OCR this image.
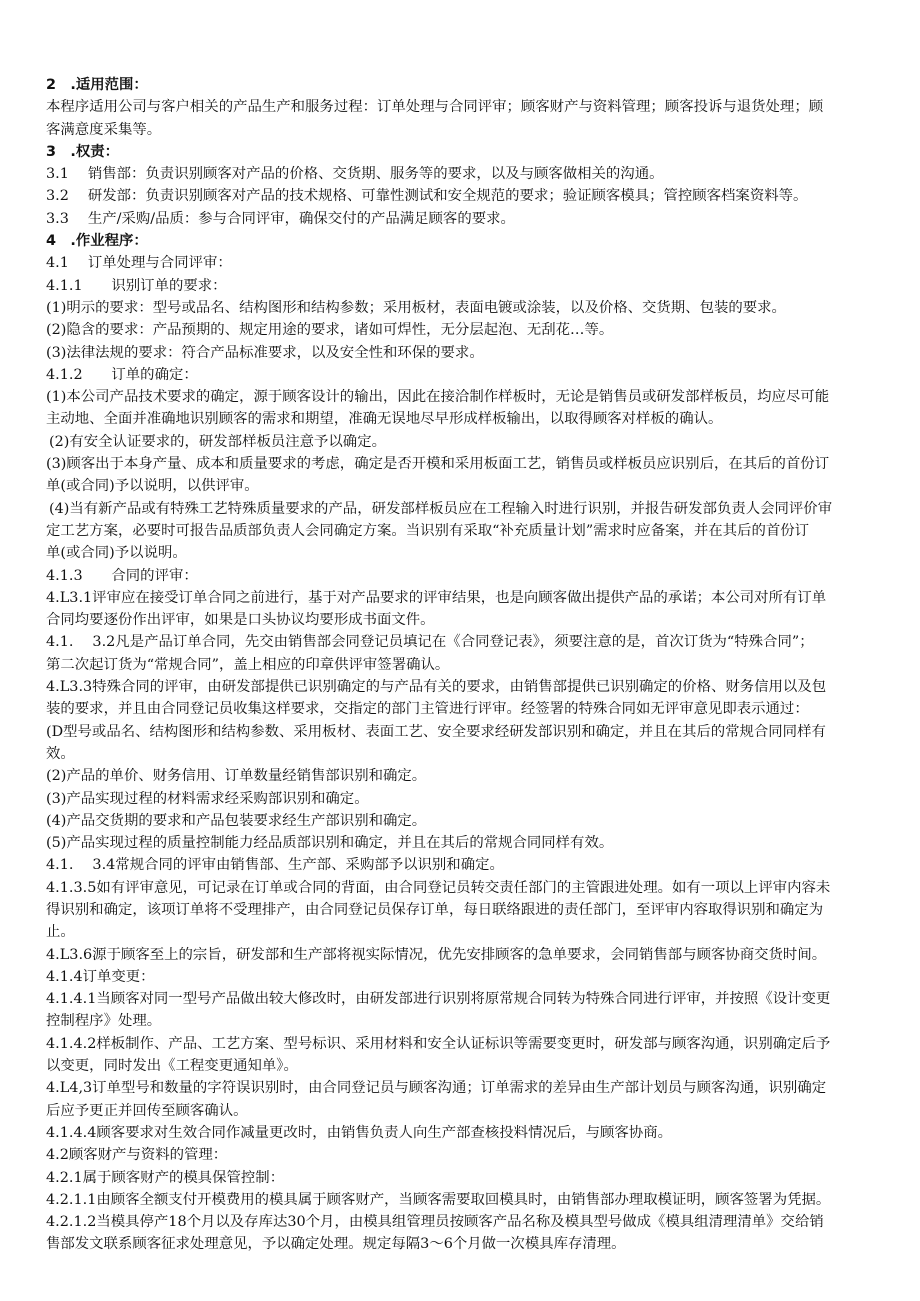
2　.适用范围：
本程序适用公司与客户相关的产品生产和服务过程：订单处理与合同评审；顾客财产与资料管理；顾客投诉与退货处理；顾
客满意度采集等。
3　.权责：
3.1　 销售部：负责识别顾客对产品的价格、交货期、服务等的要求，以及与顾客做相关的沟通。
3.2　 研发部：负责识别顾客对产品的技术规格、可靠性测试和安全规范的要求；验证顾客模具；管控顾客档案资料等。
3.3　 生产/采购/品质：参与合同评审，确保交付的产品满足顾客的要求。
4　.作业程序：
4.1　 订单处理与合同评审：
4.1.1　　识别订单的要求：
(1)明示的要求：型号或品名、结构图形和结构参数；采用板材，表面电镀或涂装，以及价格、交货期、包装的要求。
(2)隐含的要求：产品预期的、规定用途的要求，诸如可焊性，无分层起泡、无刮花…等。
(3)法律法规的要求：符合产品标准要求，以及安全性和环保的要求。
4.1.2　　订单的确定：
(1)本公司产品技术要求的确定，源于顾客设计的输出，因此在接洽制作样板时，无论是销售员或研发部样板员，均应尽可能
主动地、全面并准确地识别顾客的需求和期望，准确无误地尽早形成样板输出，以取得顾客对样板的确认。
(2)有安全认证要求的，研发部样板员注意予以确定。
(3)顾客出于本身产量、成本和质量要求的考虑，确定是否开模和采用板面工艺，销售员或样板员应识别后，在其后的首份订
单(或合同)予以说明，以供评审。
(4)当有新产品或有特殊工艺特殊质量要求的产品，研发部样板员应在工程输入时进行识别，并报告研发部负责人会同评价审
定工艺方案，必要时可报告品质部负责人会同确定方案。当识别有采取“补充质量计划”需求时应备案，并在其后的首份订
单(或合同)予以说明。
4.1.3　　合同的评审：
4.L3.1评审应在接受订单合同之前进行，基于对产品要求的评审结果，也是向顾客做出提供产品的承诺；本公司对所有订单
合同均要逐份作出评审，如果是口头协议均要形成书面文件。
4.1.　 3.2凡是产品订单合同，先交由销售部会同登记员填记在《合同登记表》，须要注意的是，首次订货为“特殊合同”；
第二次起订货为“常规合同”，盖上相应的印章供评审签署确认。
4.L3.3特殊合同的评审，由研发部提供已识别确定的与产品有关的要求，由销售部提供已识别确定的价格、财务信用以及包
装的要求，并且由合同登记员收集这样要求，交指定的部门主管进行评审。经签署的特殊合同如无评审意见即表示通过：
(D型号或品名、结构图形和结构参数、采用板材、表面工艺、安全要求经研发部识别和确定，并且在其后的常规合同同样有
效。
(2)产品的单价、财务信用、订单数量经销售部识别和确定。
(3)产品实现过程的材料需求经采购部识别和确定。
(4)产品交货期的要求和产品包装要求经生产部识别和确定。
(5)产品实现过程的质量控制能力经品质部识别和确定，并且在其后的常规合同同样有效。
4.1.　 3.4常规合同的评审由销售部、生产部、采购部予以识别和确定。
4.1.3.5如有评审意见，可记录在订单或合同的背面，由合同登记员转交责任部门的主管跟进处理。如有一项以上评审内容未
得识别和确定，该项订单将不受理排产，由合同登记员保存订单，每日联络跟进的责任部门，至评审内容取得识别和确定为
止。
4.L3.6源于顾客至上的宗旨，研发部和生产部将视实际情况，优先安排顾客的急单要求，会同销售部与顾客协商交货时间。
4.1.4订单变更：
4.1.4.1当顾客对同一型号产品做出较大修改时，由研发部进行识别将原常规合同转为特殊合同进行评审，并按照《设计变更
控制程序》处理。
4.1.4.2样板制作、产品、工艺方案、型号标识、采用材料和安全认证标识等需要变更时，研发部与顾客沟通，识别确定后予
以变更，同时发出《工程变更通知单》。
4.L4,3订单型号和数量的字符误识别时，由合同登记员与顾客沟通；订单需求的差异由生产部计划员与顾客沟通，识别确定
后应予更正并回传至顾客确认。
4.1.4.4顾客要求对生效合同作减量更改时，由销售负责人向生产部查核投料情况后，与顾客协商。
4.2顾客财产与资料的管理：
4.2.1属于顾客财产的模具保管控制：
4.2.1.1由顾客全额支付开模费用的模具属于顾客财产，当顾客需要取回模具时，由销售部办理取模证明，顾客签署为凭据。
4.2.1.2当模具停产18个月以及存库达30个月，由模具组管理员按顾客产品名称及模具型号做成《模具组清理清单》交给销
售部发文联系顾客征求处理意见，予以确定处理。规定每隔3～6个月做一次模具库存清理。
